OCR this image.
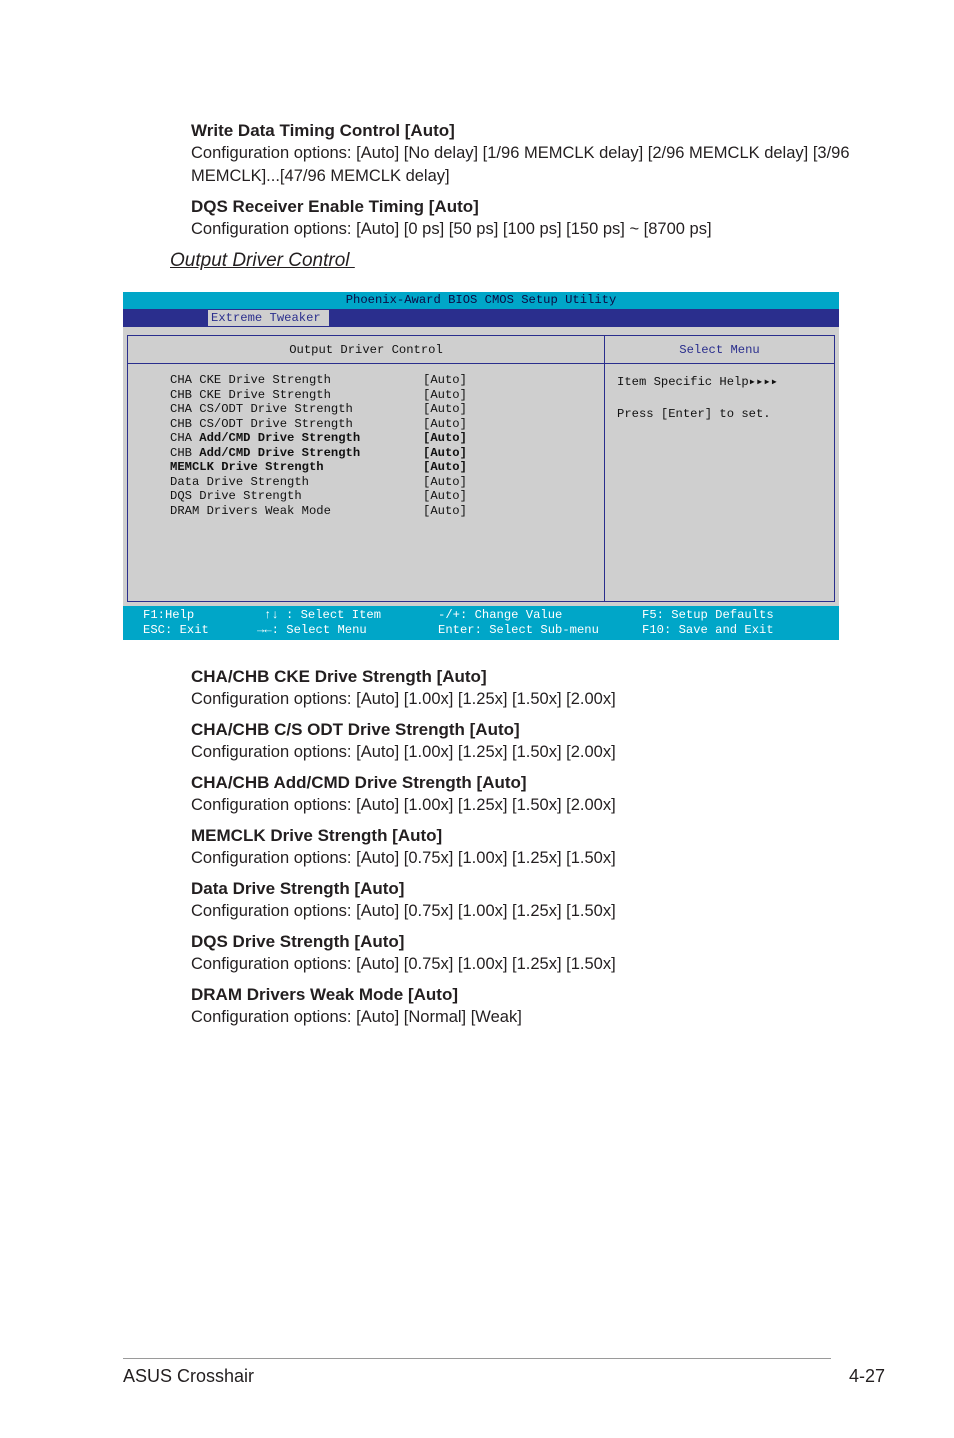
Write Data Timing Control [Auto]
Configuration options: [Auto] [No delay] [1/96 MEMCLK delay] [2/96 MEMCLK delay] [3/96 MEMCLK]...[47/96 MEMCLK delay]
DQS Receiver Enable Timing [Auto]
Configuration options: [Auto] [0 ps] [50 ps] [100 ps] [150 ps] ~ [8700 ps]
Output Driver Control
Phoenix-Award BIOS CMOS Setup Utility
Extreme Tweaker
Output Driver Control
CHA CKE Drive Strength	[Auto]
CHB CKE Drive Strength	[Auto]
CHA CS/ODT Drive Strength	[Auto]
CHB CS/ODT Drive Strength	[Auto]
CHA Add/CMD Drive Strength	[Auto]
CHB Add/CMD Drive Strength	[Auto]
MEMCLK Drive Strength	[Auto]
Data Drive Strength	[Auto]
DQS Drive Strength	[Auto]
DRAM Drivers Weak Mode	[Auto]
Select Menu
Item Specific Help▸▸▸▸

Press [Enter] to set.
F1:Help
ESC: Exit
↑↓ : Select Item
→←: Select Menu
-/+: Change Value
Enter: Select Sub-menu
F5: Setup Defaults
F10: Save and Exit
CHA/CHB CKE Drive Strength [Auto]
Configuration options: [Auto] [1.00x] [1.25x] [1.50x] [2.00x]
CHA/CHB C/S ODT Drive Strength [Auto]
Configuration options: [Auto] [1.00x] [1.25x] [1.50x] [2.00x]
CHA/CHB Add/CMD Drive Strength [Auto]
Configuration options: [Auto] [1.00x] [1.25x] [1.50x] [2.00x]
MEMCLK Drive Strength [Auto]
Configuration options: [Auto] [0.75x] [1.00x] [1.25x] [1.50x]
Data Drive Strength [Auto]
Configuration options: [Auto] [0.75x] [1.00x] [1.25x] [1.50x]
DQS Drive Strength [Auto]
Configuration options: [Auto] [0.75x] [1.00x] [1.25x] [1.50x]
DRAM Drivers Weak Mode [Auto]
Configuration options: [Auto] [Normal] [Weak]
ASUS Crosshair	4-27
